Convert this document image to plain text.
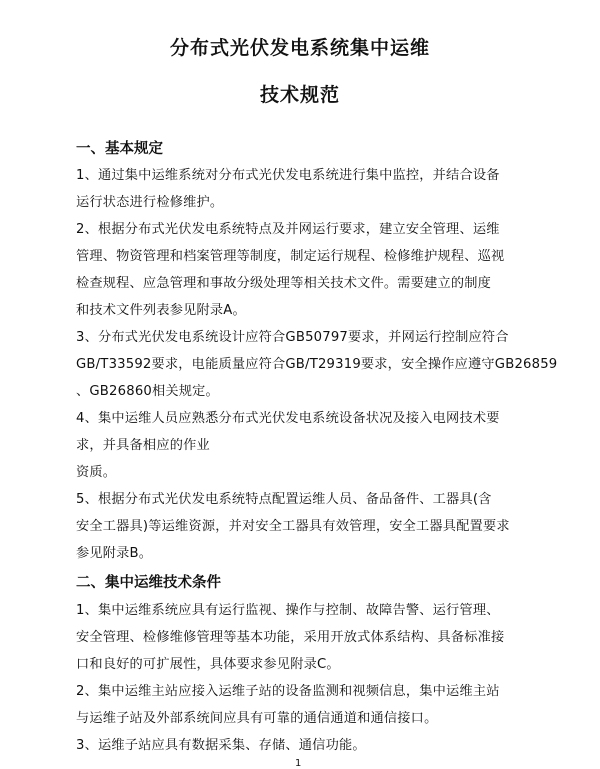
分布式光伏发电系统集中运维
技术规范
一、基本规定
1、通过集中运维系统对分布式光伏发电系统进行集中监控，并结合设备
运行状态进行检修维护。
2、根据分布式光伏发电系统特点及并网运行要求，建立安全管理、运维
管理、物资管理和档案管理等制度，制定运行规程、检修维护规程、巡视
检查规程、应急管理和事故分级处理等相关技术文件。需要建立的制度
和技术文件列表参见附录A。
3、分布式光伏发电系统设计应符合GB50797要求，并网运行控制应符合
GB/T33592要求，电能质量应符合GB/T29319要求，安全操作应遵守GB26859
、GB26860相关规定。
4、集中运维人员应熟悉分布式光伏发电系统设备状况及接入电网技术要
求，并具备相应的作业
资质。
5、根据分布式光伏发电系统特点配置运维人员、备品备件、工器具(含
安全工器具)等运维资源，并对安全工器具有效管理，安全工器具配置要求
参见附录B。
二、集中运维技术条件
1、集中运维系统应具有运行监视、操作与控制、故障告警、运行管理、
安全管理、检修维修管理等基本功能，采用开放式体系结构、具备标准接
口和良好的可扩展性，具体要求参见附录C。
2、集中运维主站应接入运维子站的设备监测和视频信息，集中运维主站
与运维子站及外部系统间应具有可靠的通信通道和通信接口。
3、运维子站应具有数据采集、存储、通信功能。
1
